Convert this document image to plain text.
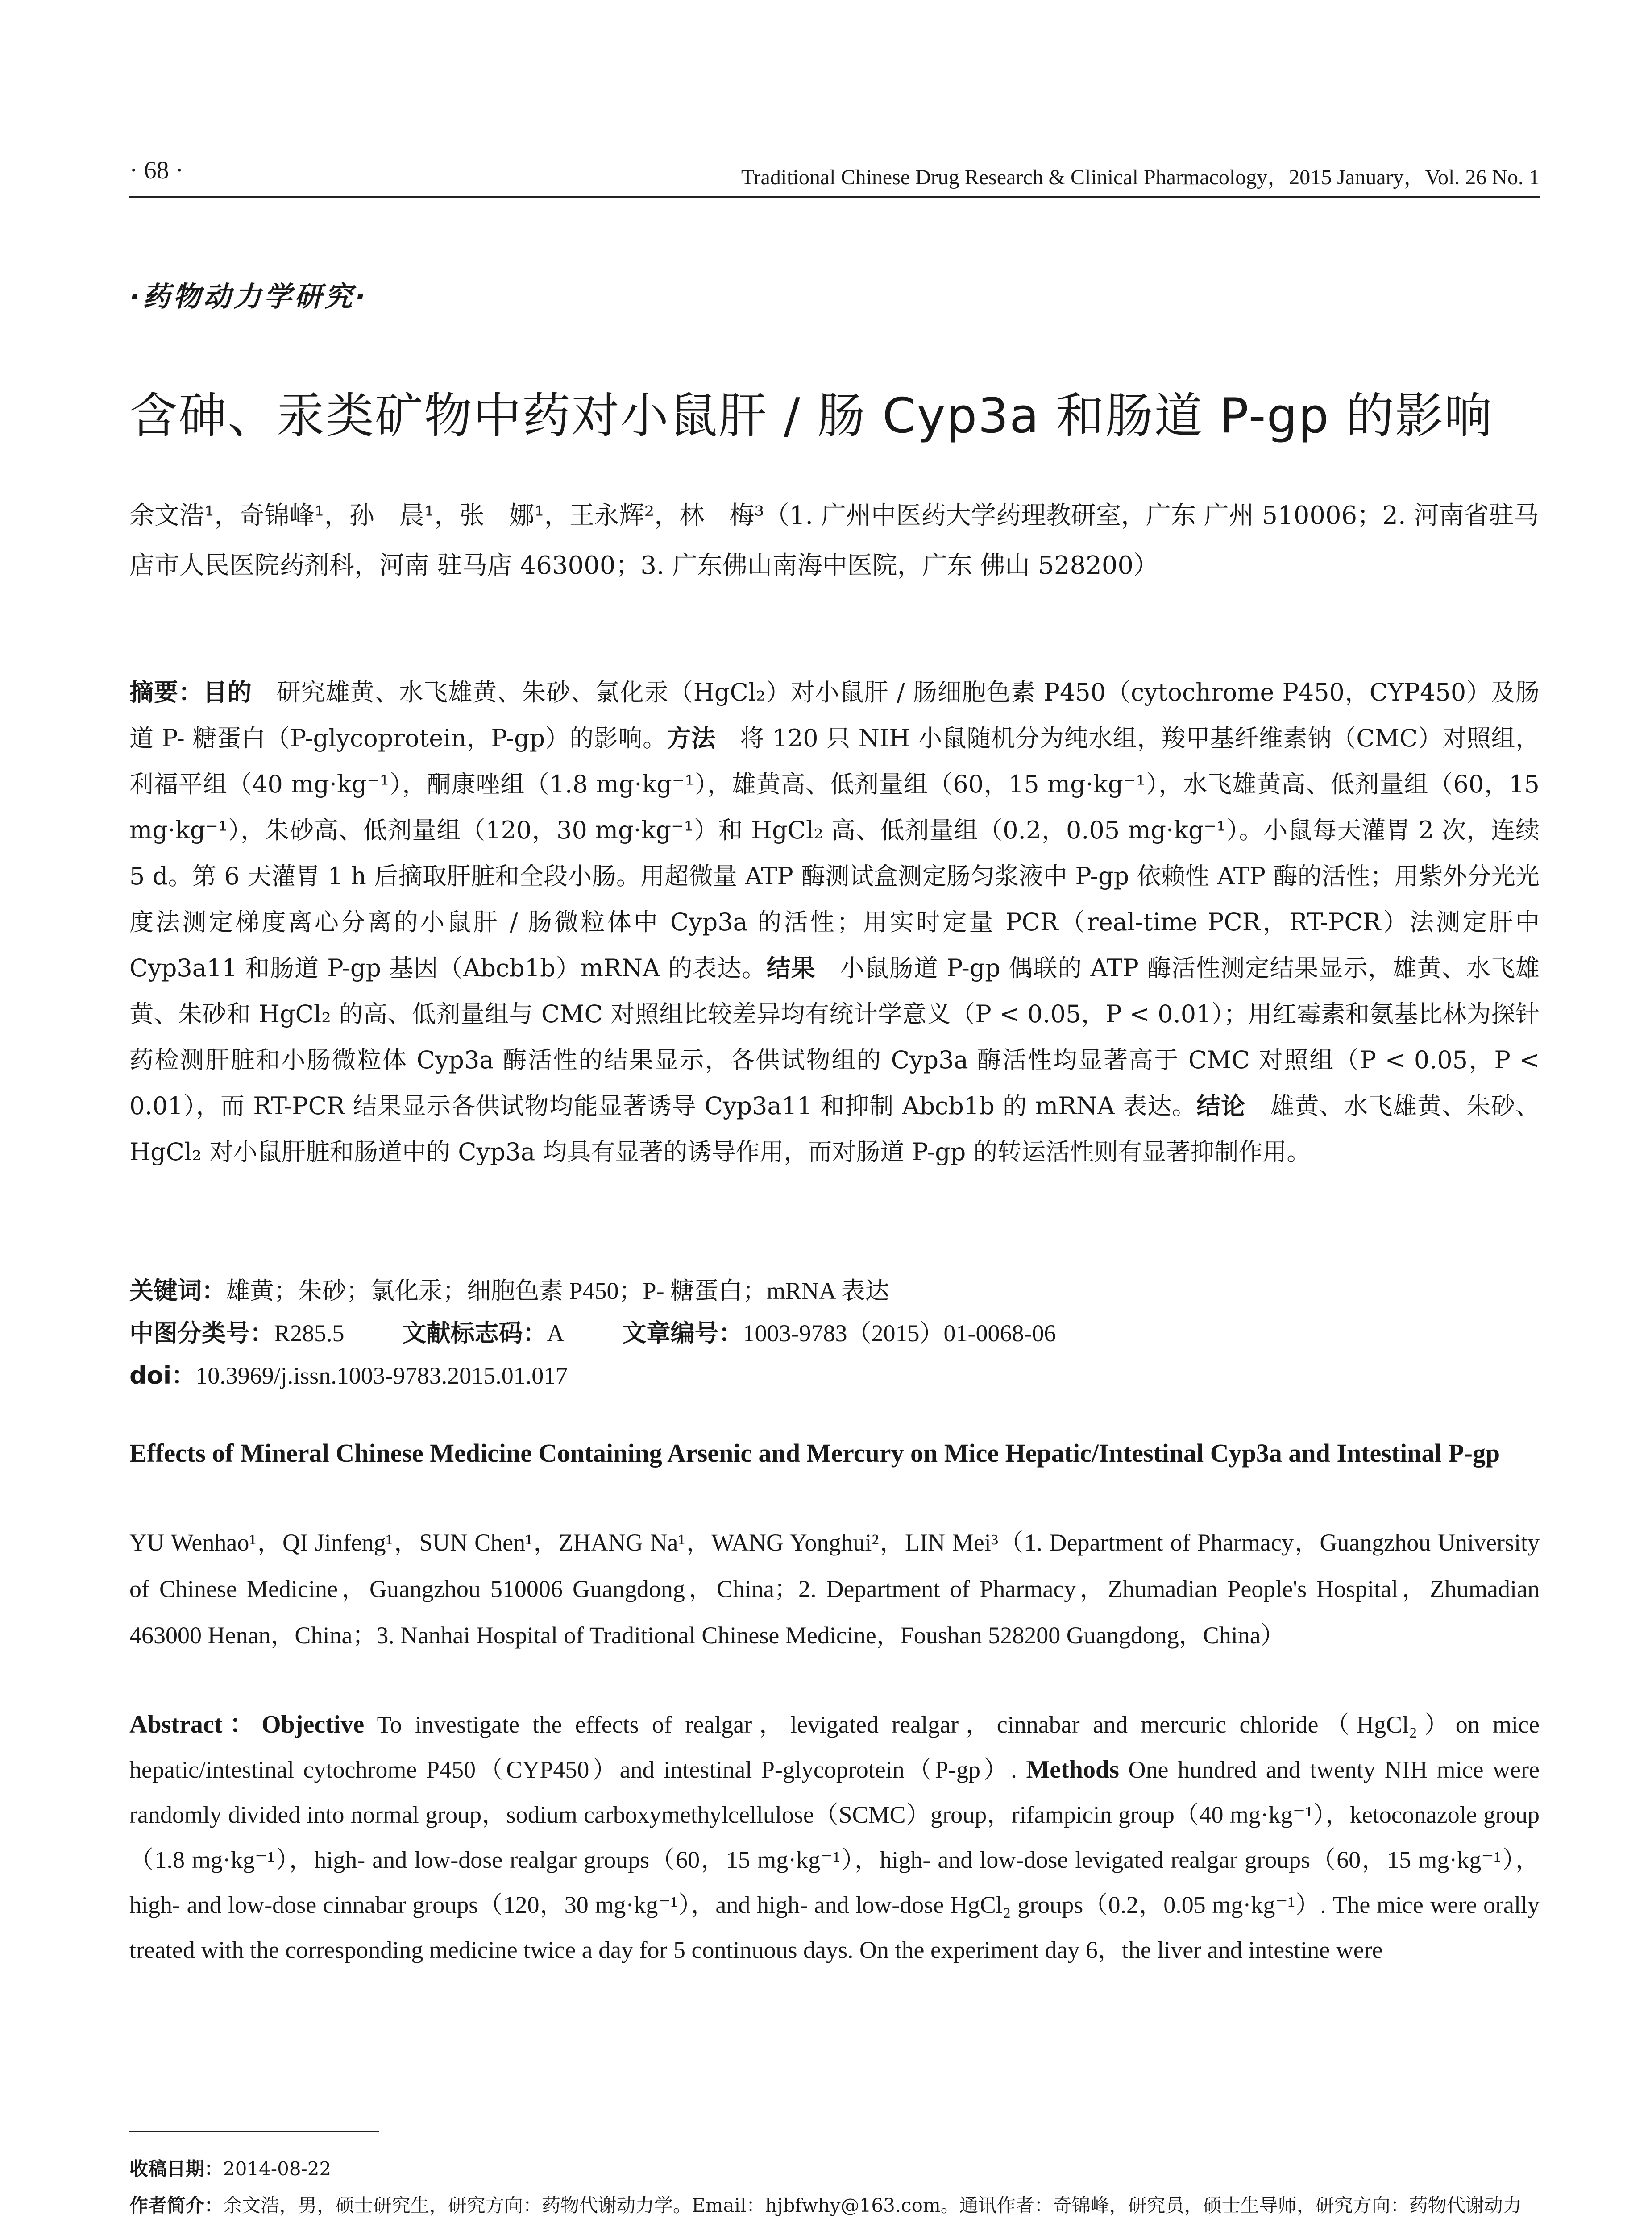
· 68 ·	Traditional Chinese Drug Research & Clinical Pharmacology，2015 January，Vol. 26 No. 1
·药物动力学研究·
含砷、汞类矿物中药对小鼠肝 / 肠 Cyp3a 和肠道 P-gp 的影响
余文浩¹，奇锦峰¹，孙　晨¹，张　娜¹，王永辉²，林　梅³（1. 广州中医药大学药理教研室，广东 广州 510006；2. 河南省驻马店市人民医院药剂科，河南 驻马店 463000；3. 广东佛山南海中医院，广东 佛山 528200）
摘要：目的　研究雄黄、水飞雄黄、朱砂、氯化汞（HgCl₂）对小鼠肝 / 肠细胞色素 P450（cytochrome P450，CYP450）及肠道 P- 糖蛋白（P-glycoprotein，P-gp）的影响。方法　将 120 只 NIH 小鼠随机分为纯水组，羧甲基纤维素钠（CMC）对照组，利福平组（40 mg·kg⁻¹），酮康唑组（1.8 mg·kg⁻¹），雄黄高、低剂量组（60，15 mg·kg⁻¹），水飞雄黄高、低剂量组（60，15 mg·kg⁻¹），朱砂高、低剂量组（120，30 mg·kg⁻¹）和 HgCl₂ 高、低剂量组（0.2，0.05 mg·kg⁻¹）。小鼠每天灌胃 2 次，连续 5 d。第 6 天灌胃 1 h 后摘取肝脏和全段小肠。用超微量 ATP 酶测试盒测定肠匀浆液中 P-gp 依赖性 ATP 酶的活性；用紫外分光光度法测定梯度离心分离的小鼠肝 / 肠微粒体中 Cyp3a 的活性；用实时定量 PCR（real-time PCR，RT-PCR）法测定肝中 Cyp3a11 和肠道 P-gp 基因（Abcb1b）mRNA 的表达。结果　小鼠肠道 P-gp 偶联的 ATP 酶活性测定结果显示，雄黄、水飞雄黄、朱砂和 HgCl₂ 的高、低剂量组与 CMC 对照组比较差异均有统计学意义（P < 0.05，P < 0.01）；用红霉素和氨基比林为探针药检测肝脏和小肠微粒体 Cyp3a 酶活性的结果显示，各供试物组的 Cyp3a 酶活性均显著高于 CMC 对照组（P < 0.05，P < 0.01），而 RT-PCR 结果显示各供试物均能显著诱导 Cyp3a11 和抑制 Abcb1b 的 mRNA 表达。结论　雄黄、水飞雄黄、朱砂、HgCl₂ 对小鼠肝脏和肠道中的 Cyp3a 均具有显著的诱导作用，而对肠道 P-gp 的转运活性则有显著抑制作用。
关键词：雄黄；朱砂；氯化汞；细胞色素 P450；P- 糖蛋白；mRNA 表达
中图分类号：R285.5 文献标志码：A 文章编号：1003-9783（2015）01-0068-06
doi：10.3969/j.issn.1003-9783.2015.01.017
Effects of Mineral Chinese Medicine Containing Arsenic and Mercury on Mice Hepatic/Intestinal Cyp3a and Intestinal P-gp
YU Wenhao¹，QI Jinfeng¹，SUN Chen¹，ZHANG Na¹，WANG Yonghui²，LIN Mei³（1. Department of Pharmacy，Guangzhou University of Chinese Medicine，Guangzhou 510006 Guangdong，China；2. Department of Pharmacy，Zhumadian People's Hospital，Zhumadian 463000 Henan，China；3. Nanhai Hospital of Traditional Chinese Medicine，Foushan 528200 Guangdong，China）
Abstract：Objective To investigate the effects of realgar，levigated realgar，cinnabar and mercuric chloride（HgCl₂）on mice hepatic/intestinal cytochrome P450（CYP450）and intestinal P-glycoprotein（P-gp）. Methods One hundred and twenty NIH mice were randomly divided into normal group，sodium carboxymethylcellulose（SCMC）group，rifampicin group（40 mg·kg⁻¹），ketoconazole group（1.8 mg·kg⁻¹），high- and low-dose realgar groups（60，15 mg·kg⁻¹），high- and low-dose levigated realgar groups（60，15 mg·kg⁻¹），high- and low-dose cinnabar groups（120，30 mg·kg⁻¹），and high- and low-dose HgCl₂ groups（0.2，0.05 mg·kg⁻¹）. The mice were orally treated with the corresponding medicine twice a day for 5 continuous days. On the experiment day 6，the liver and intestine were
收稿日期：2014-08-22
作者简介：余文浩，男，硕士研究生，研究方向：药物代谢动力学。Email：hjbfwhy@163.com。通讯作者：奇锦峰，研究员，硕士生导师，研究方向：药物代谢动力
